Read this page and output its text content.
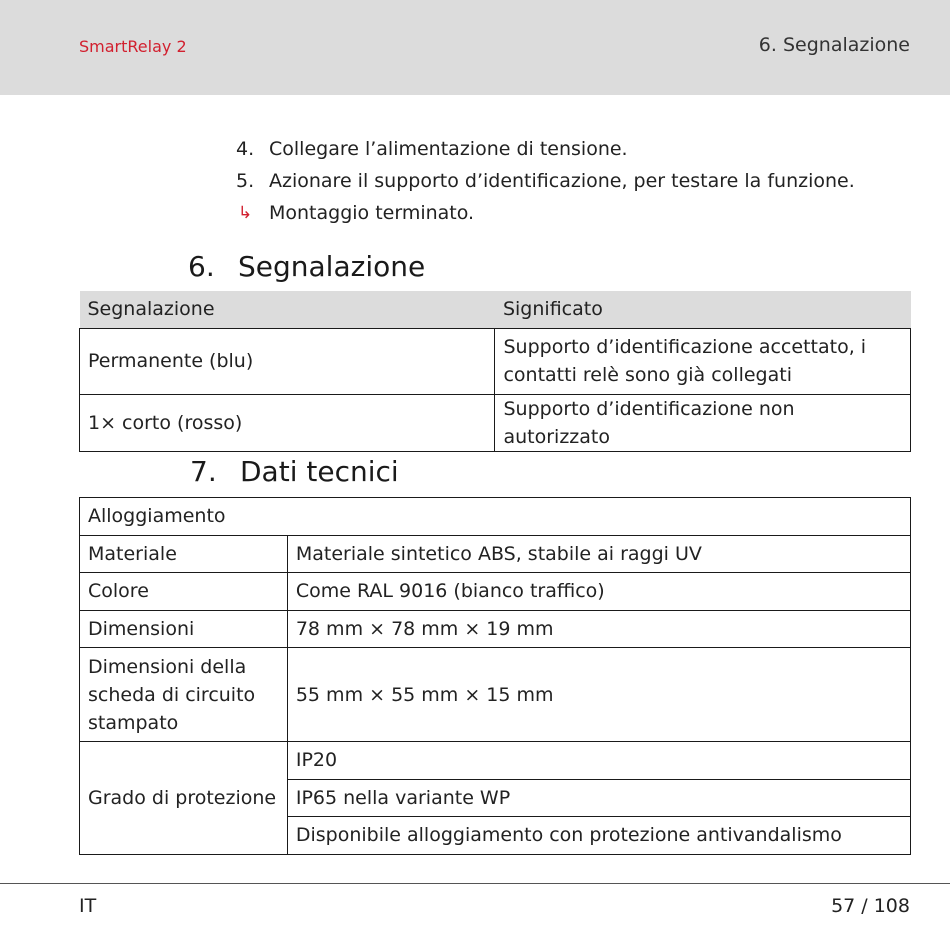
SmartRelay 2	6. Segnalazione
4. Collegare l’alimentazione di tensione.
5. Azionare il supporto d’identificazione, per testare la funzione.
↳ Montaggio terminato.
6. Segnalazione
Segnalazione	Significato
Permanente (blu)	Supporto d’identificazione accettato, i contatti relè sono già collegati
1× corto (rosso)	Supporto d’identificazione non autorizzato
7. Dati tecnici
Alloggiamento	
Materiale	Materiale sintetico ABS, stabile ai raggi UV
Colore	Come RAL 9016 (bianco traffico)
Dimensioni	78 mm × 78 mm × 19 mm
Dimensioni della scheda di circuito stampato	55 mm × 55 mm × 15 mm
Grado di protezione	IP20
	IP65 nella variante WP
	Disponibile alloggiamento con protezione antivandalismo
IT	57 / 108
